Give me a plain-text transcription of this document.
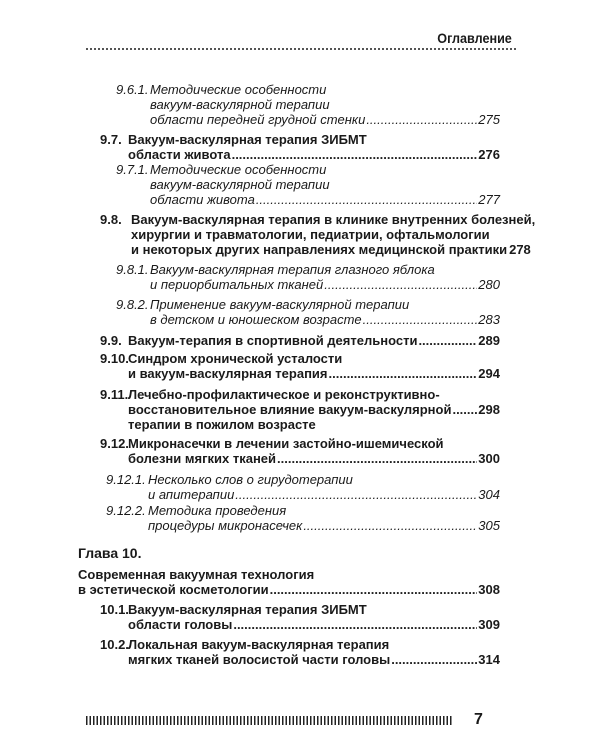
Оглавление
9.6.1. Методические особенности
вакуум-васкулярной терапии
области передней грудной стенки .....	275
9.7. Вакуум-васкулярная терапия ЗИБМТ
области живота .....	276
9.7.1. Методические особенности
вакуум-васкулярной терапии
области живота .....	277
9.8. Вакуум-васкулярная терапия в клинике внутренних болезней,
хирургии и травматологии, педиатрии, офтальмологии
и некоторых других направлениях медицинской практики 278
9.8.1. Вакуум-васкулярная терапия глазного яблока
и периорбитальных тканей .....	280
9.8.2. Применение вакуум-васкулярной терапии
в детском и юношеском возрасте .....	283
9.9. Вакуум-терапия в спортивной деятельности .....	289
9.10. Синдром хронической усталости
и вакуум-васкулярная терапия .....	294
9.11. Лечебно-профилактическое и реконструктивно-
восстановительное влияние вакуум-васкулярной ..... 298
терапии в пожилом возрасте
9.12. Микронасечки в лечении застойно-ишемической
болезни мягких тканей .....	300
9.12.1. Несколько слов о гирудотерапии
и апитерапии .....	304
9.12.2. Методика проведения
процедуры микронасечек .....	305
Глава 10.
Современная вакуумная технология
в эстетической косметологии .....	308
10.1. Вакуум-васкулярная терапия ЗИБМТ
области головы .....	309
10.2. Локальная вакуум-васкулярная терапия
мягких тканей волосистой части головы .....	314
7
